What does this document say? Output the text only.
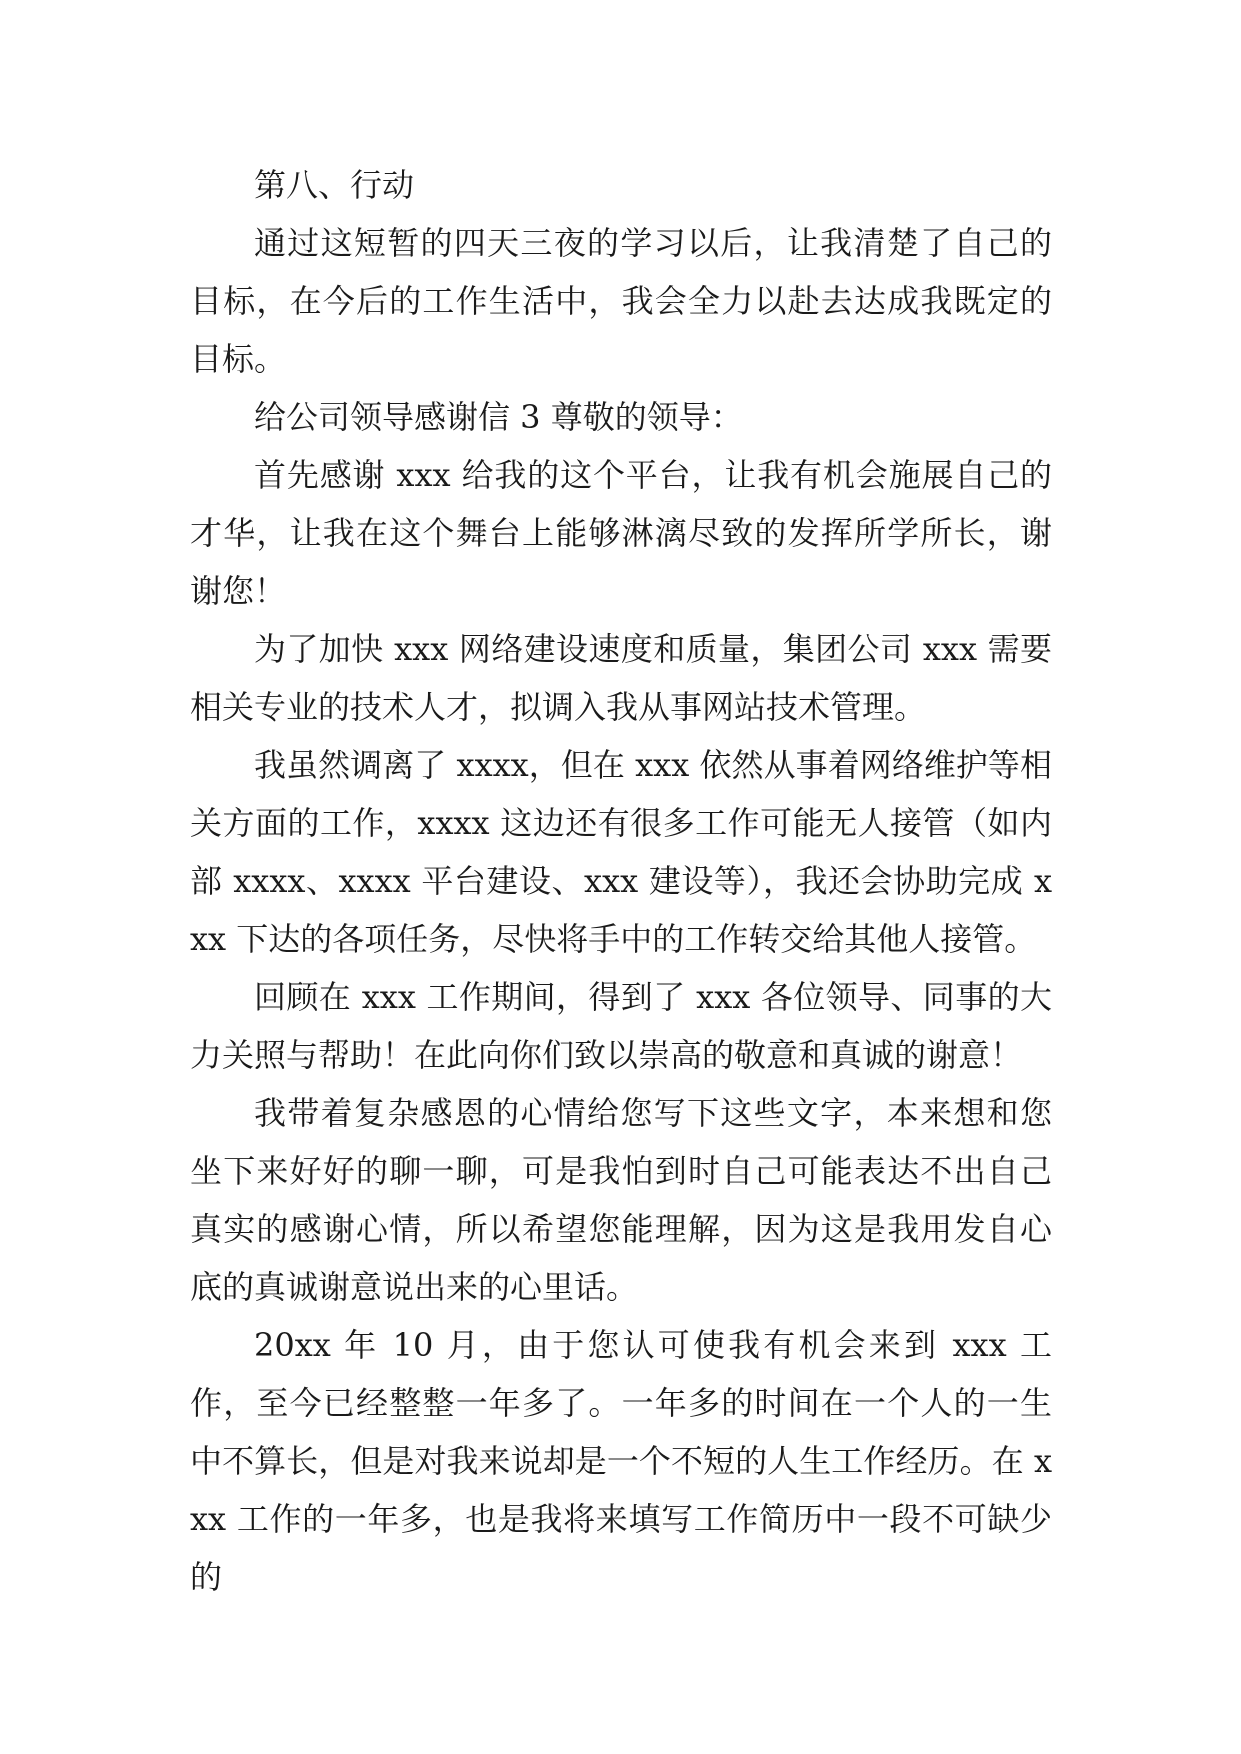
第八、行动

通过这短暂的四天三夜的学习以后，让我清楚了自己的目标，在今后的工作生活中，我会全力以赴去达成我既定的目标。

给公司领导感谢信 3 尊敬的领导：

首先感谢 xxx 给我的这个平台，让我有机会施展自己的才华，让我在这个舞台上能够淋漓尽致的发挥所学所长，谢谢您！

为了加快 xxx 网络建设速度和质量，集团公司 xxx 需要相关专业的技术人才，拟调入我从事网站技术管理。

我虽然调离了 xxxx，但在 xxx 依然从事着网络维护等相关方面的工作，xxxx 这边还有很多工作可能无人接管（如内部 xxxx、xxxx 平台建设、xxx 建设等），我还会协助完成 xxx 下达的各项任务，尽快将手中的工作转交给其他人接管。

回顾在 xxx 工作期间，得到了 xxx 各位领导、同事的大力关照与帮助！在此向你们致以崇高的敬意和真诚的谢意！

我带着复杂感恩的心情给您写下这些文字，本来想和您坐下来好好的聊一聊，可是我怕到时自己可能表达不出自己真实的感谢心情，所以希望您能理解，因为这是我用发自心底的真诚谢意说出来的心里话。

20xx 年 10 月，由于您认可使我有机会来到 xxx 工作，至今已经整整一年多了。一年多的时间在一个人的一生中不算长，但是对我来说却是一个不短的人生工作经历。在 xxx 工作的一年多，也是我将来填写工作简历中一段不可缺少的
